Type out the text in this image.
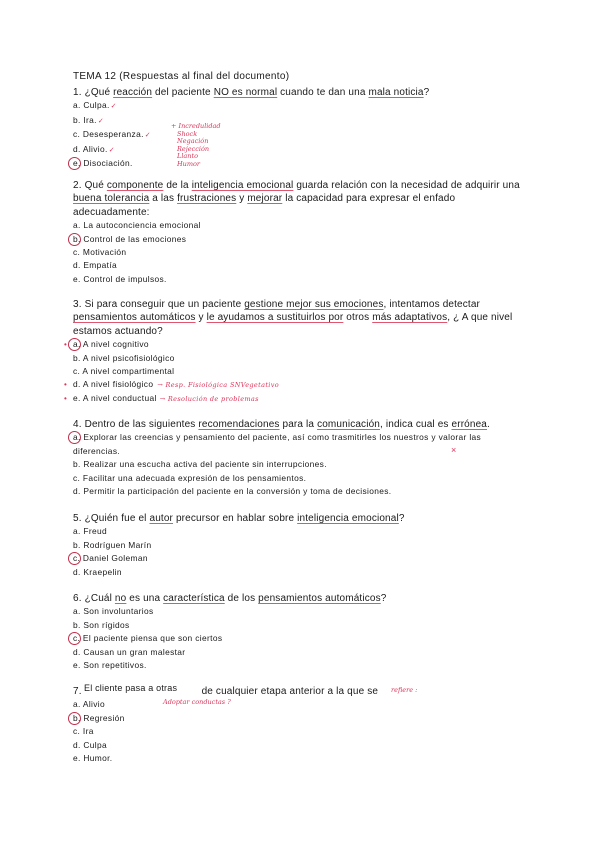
TEMA 12 (Respuestas al final del documento)
1. ¿Qué reacción del paciente NO es normal cuando te dan una mala noticia?
a. Culpa.✓
b. Ira.✓
c. Desesperanza.✓
d. Alivio.✓
e. Disociación.
+ Incredulidad
Shock
Negación
Rejección
Llanto
Humor
2. Qué componente de la inteligencia emocional guarda relación con la necesidad de adquirir una buena tolerancia a las frustraciones y mejorar la capacidad para expresar el enfado adecuadamente:
a. La autoconciencia emocional
b. Control de las emociones
c. Motivación
d. Empatía
e. Control de impulsos.
3. Si para conseguir que un paciente gestione mejor sus emociones, intentamos detectar pensamientos automáticos y le ayudamos a sustituirlos por otros más adaptativos, ¿ A que nivel estamos actuando?
• a. A nivel cognitivo
b. A nivel psicofisiológico
c. A nivel compartimental
• d. A nivel fisiológico → Resp. Fisiológica SNVegetativo
• e. A nivel conductual → Resolución de problemas
4. Dentro de las siguientes recomendaciones para la comunicación, indica cual es errónea.
a. Explorar las creencias y pensamiento del paciente, así como trasmitirles los nuestros y valorar las diferencias.
b. Realizar una escucha activa del paciente sin interrupciones.
c. Facilitar una adecuada expresión de los pensamientos.
d. Permitir la participación del paciente en la conversión y toma de decisiones.
×
5. ¿Quién fue el autor precursor en hablar sobre inteligencia emocional?
a. Freud
b. Rodríguen Marín
c. Daniel Goleman
d. Kraepelin
6. ¿Cuál no es una característica de los pensamientos automáticos?
a. Son involuntarios
b. Son rígidos
c. El paciente piensa que son ciertos
d. Causan un gran malestar
e. Son repetitivos.
7.	de cualquier etapa anterior a la que se
a. Alivio
b. Regresión
c. Ira
d. Culpa
e. Humor.
El cliente pasa a otras	refiere :
Adoptar conductas ?
